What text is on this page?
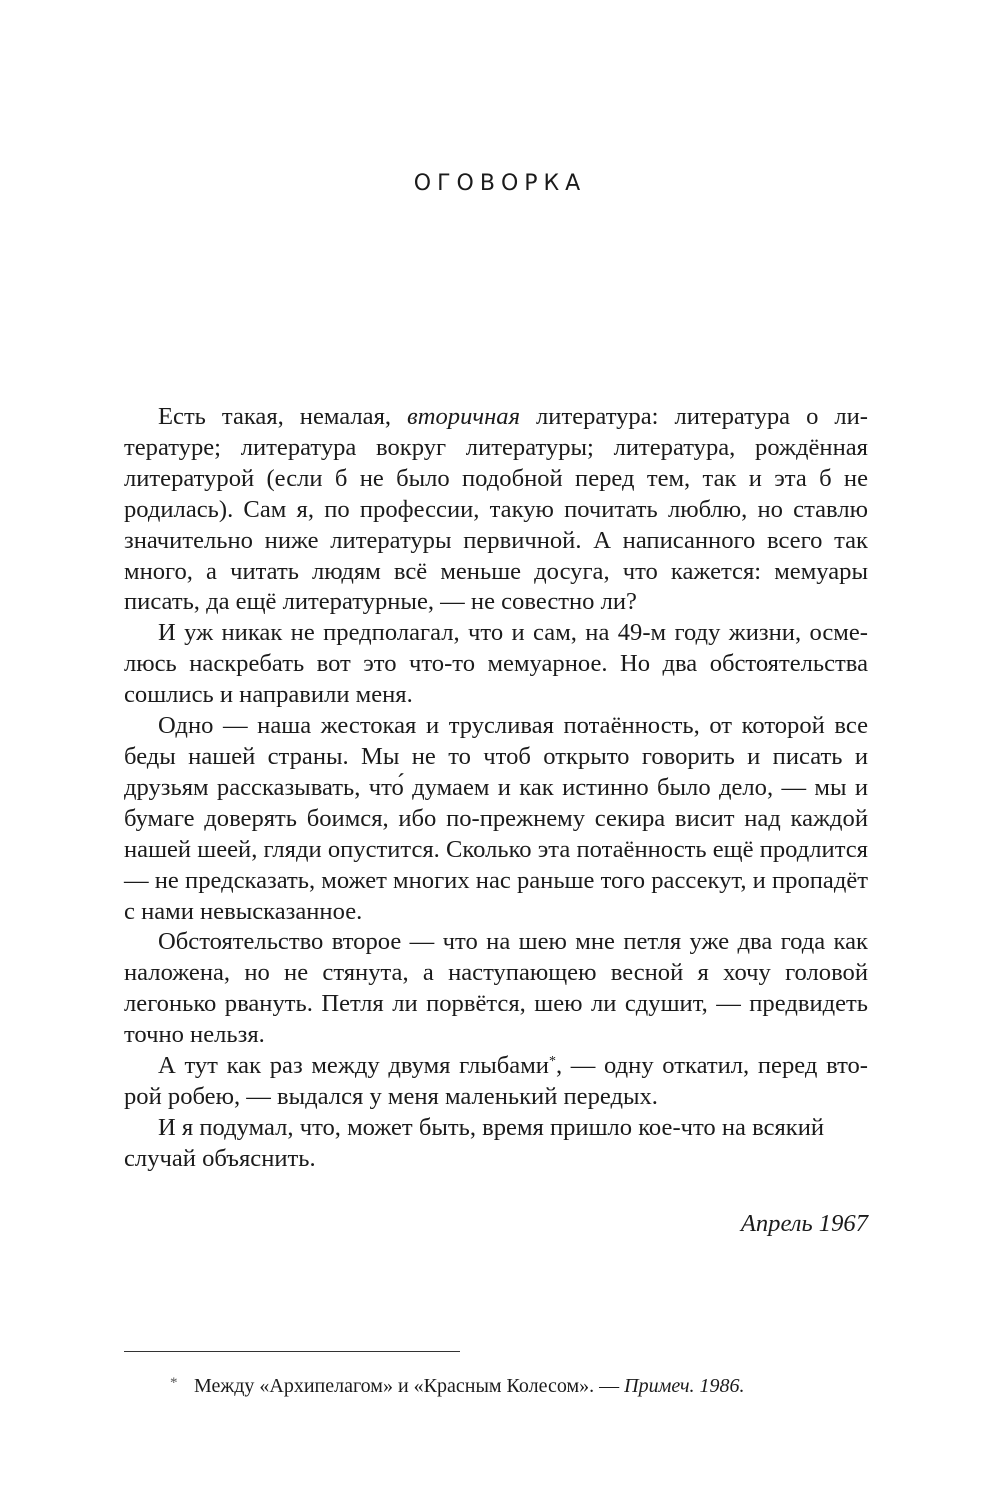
ОГОВОРКА

Есть такая, немалая, вторичная литература: литература о литературе; литература вокруг литературы; литература, рождённая литературой (если б не было подобной перед тем, так и эта б не родилась). Сам я, по профессии, такую почитать люблю, но ставлю значительно ниже литературы первичной. А написанного всего так много, а читать людям всё меньше досуга, что кажется: мемуары писать, да ещё литературные, — не совестно ли?

И уж никак не предполагал, что и сам, на 49-м году жизни, осмелюсь наскребать вот это что-то мемуарное. Но два обстоятельства сошлись и направили меня.

Одно — наша жестокая и трусливая потаённость, от которой все беды нашей страны. Мы не то чтоб открыто говорить и писать и друзьям рассказывать, что́ думаем и как истинно было дело, — мы и бумаге доверять боимся, ибо по-прежнему секира висит над каждой нашей шеей, гляди опустится. Сколько эта потаённость ещё продлится — не предсказать, может многих нас раньше того рассекут, и пропадёт с нами невысказанное.

Обстоятельство второе — что на шею мне петля уже два года как наложена, но не стянута, а наступающею весной я хочу головой легонько рвануть. Петля ли порвётся, шею ли сдушит, — предвидеть точно нельзя.

А тут как раз между двумя глыбами*, — одну откатил, перед второй робею, — выдался у меня маленький передых.

И я подумал, что, может быть, время пришло кое-что на всякий случай объяснить.

Апрель 1967
* Между «Архипелагом» и «Красным Колесом». — Примеч. 1986.
